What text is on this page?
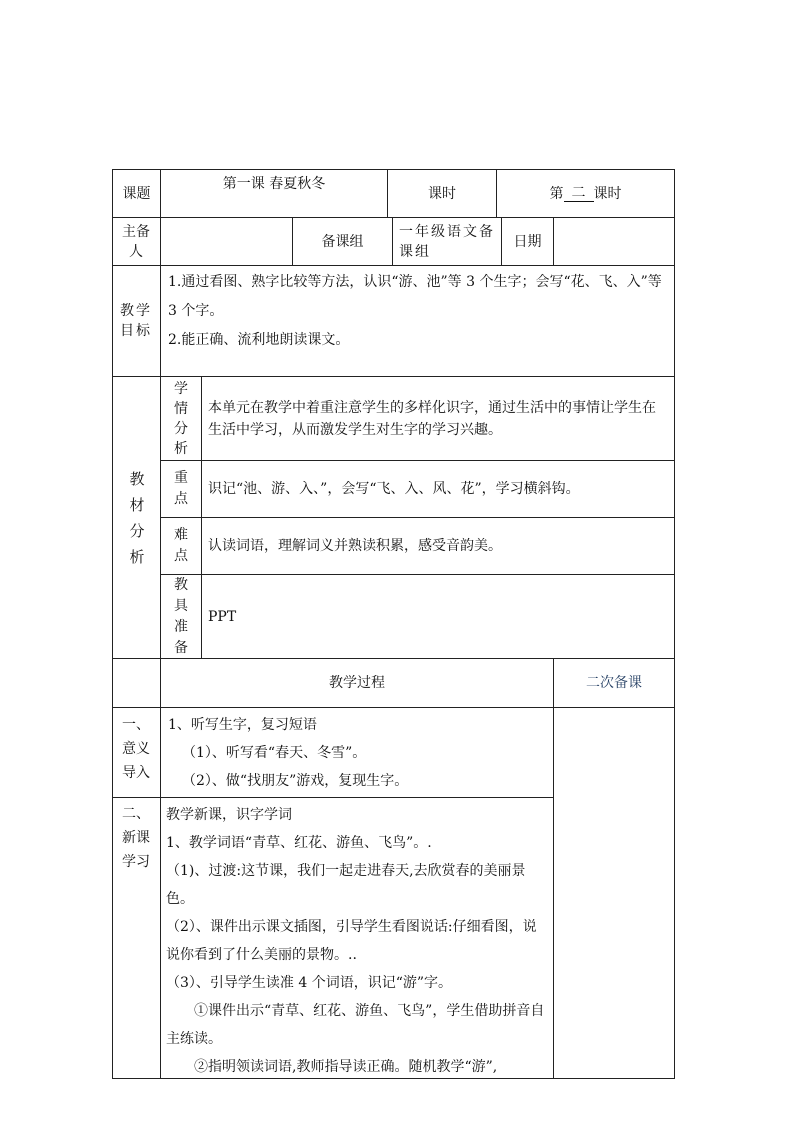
课题
第一课 春夏秋冬
课时	第 二 课时
主备人
备课组
一年级语文备课组
日期
教学目标

1.通过看图、熟字比较等方法，认识“游、池”等 3 个生字；会写“花、飞、入”等 3 个字。

2.能正确、流利地朗读课文。

教材分析
学情分析
本单元在教学中着重注意学生的多样化识字，通过生活中的事情让学生在生活中学习，从而激发学生对生字的学习兴趣。
重点
识记“池、游、入、”，会写“飞、入、风、花”，学习横斜钩。
难点
认读词语，理解词义并熟读积累，感受音韵美。
教具准备
PPT
教学过程	二次备课
一、意义导入

1、听写生字，复习短语

（1）、听写看“春天、冬雪”。

（2）、做“找朋友”游戏，复现生字。

二、新课学习

教学新课，识字学词

1、教学词语“青草、红花、游鱼、飞鸟”。.

（1)、过渡:这节课，我们一起走进春天,去欣赏春的美丽景色。

（2）、课件出示课文插图，引导学生看图说话:仔细看图，说说你看到了什么美丽的景物。..

（3）、引导学生读准 4 个词语，识记“游”字。

①课件出示“青草、红花、游鱼、飞鸟”，学生借助拼音自主练读。

②指明领读词语,教师指导读正确。随机教学“游”,
